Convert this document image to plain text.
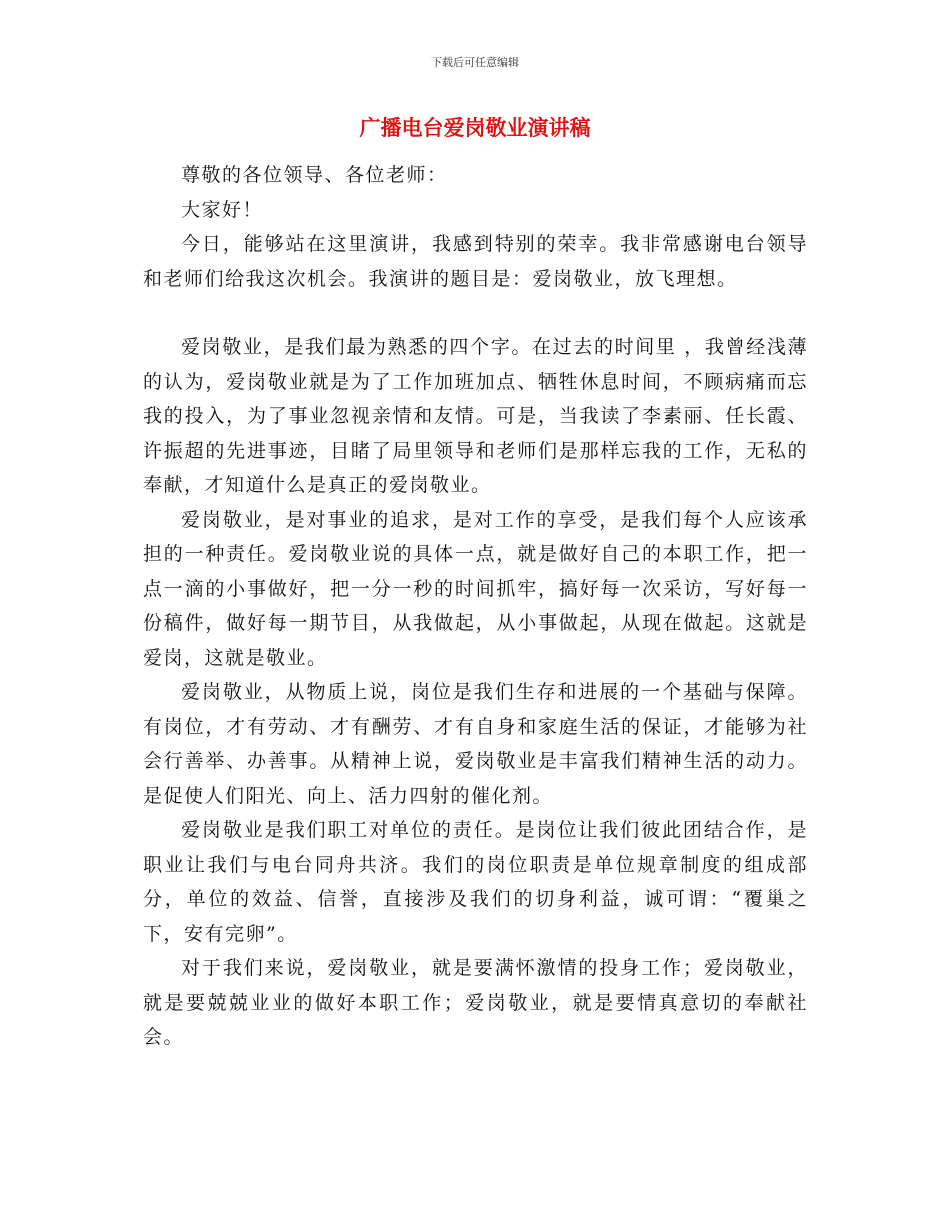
下载后可任意编辑
广播电台爱岗敬业演讲稿

尊敬的各位领导、各位老师：

大家好！

今日，能够站在这里演讲，我感到特别的荣幸。我非常感谢电台领导和老师们给我这次机会。我演讲的题目是：爱岗敬业，放飞理想。

爱岗敬业，是我们最为熟悉的四个字。在过去的时间里 ，我曾经浅薄的认为，爱岗敬业就是为了工作加班加点、牺牲休息时间，不顾病痛而忘我的投入，为了事业忽视亲情和友情。可是，当我读了李素丽、任长霞、许振超的先进事迹，目睹了局里领导和老师们是那样忘我的工作，无私的奉献，才知道什么是真正的爱岗敬业。

爱岗敬业，是对事业的追求，是对工作的享受，是我们每个人应该承担的一种责任。爱岗敬业说的具体一点，就是做好自己的本职工作，把一点一滴的小事做好，把一分一秒的时间抓牢，搞好每一次采访，写好每一份稿件，做好每一期节目，从我做起，从小事做起，从现在做起。这就是爱岗，这就是敬业。

爱岗敬业，从物质上说，岗位是我们生存和进展的一个基础与保障。有岗位，才有劳动、才有酬劳、才有自身和家庭生活的保证，才能够为社会行善举、办善事。从精神上说，爱岗敬业是丰富我们精神生活的动力。是促使人们阳光、向上、活力四射的催化剂。

爱岗敬业是我们职工对单位的责任。是岗位让我们彼此团结合作，是职业让我们与电台同舟共济。我们的岗位职责是单位规章制度的组成部分，单位的效益、信誉，直接涉及我们的切身利益，诚可谓：“覆巢之下，安有完卵”。

对于我们来说，爱岗敬业，就是要满怀激情的投身工作；爱岗敬业，就是要兢兢业业的做好本职工作；爱岗敬业，就是要情真意切的奉献社会。
